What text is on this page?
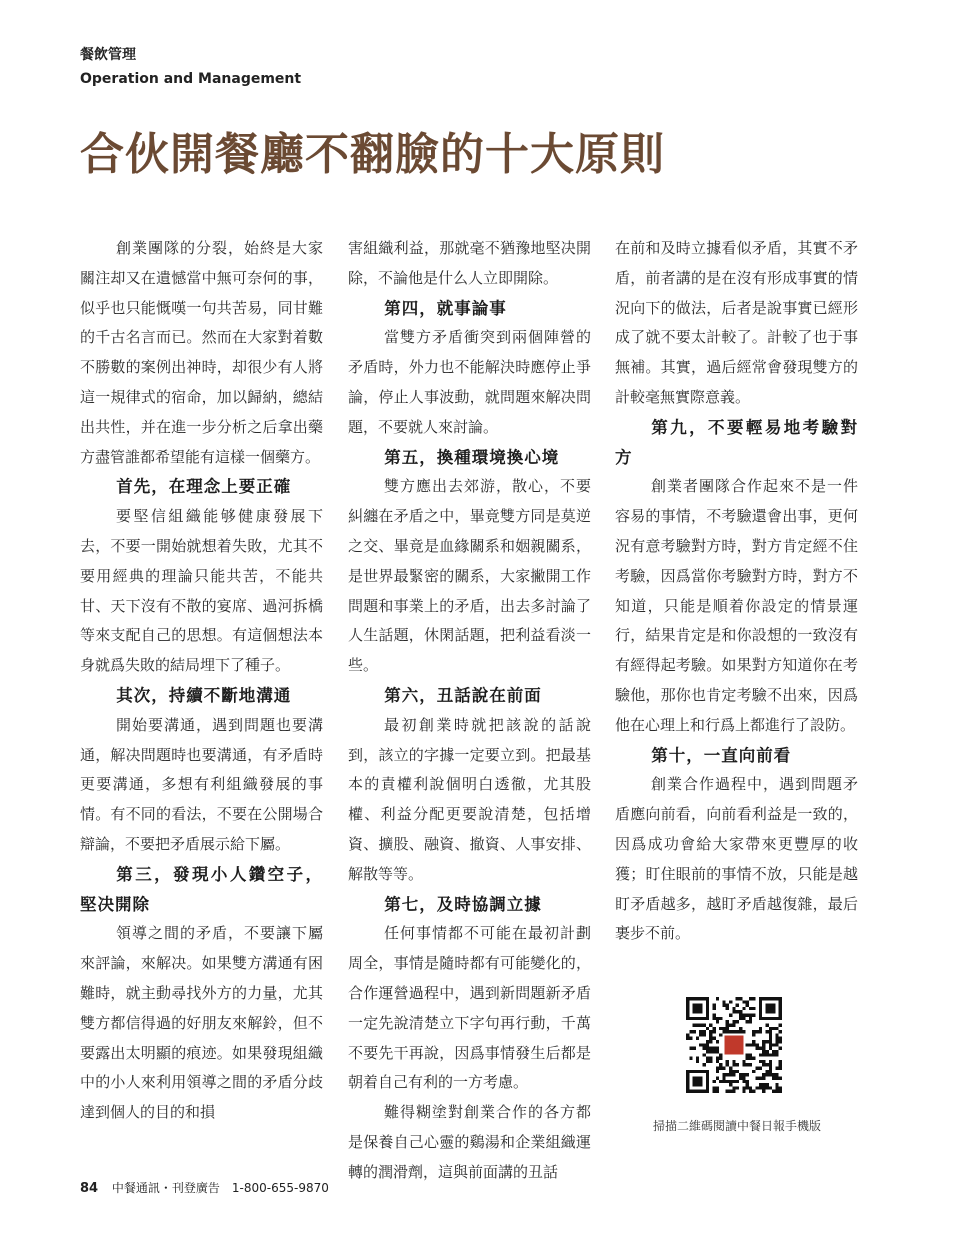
餐飲管理
Operation and Management
合伙開餐廳不翻臉的十大原則

創業團隊的分裂，始終是大家關注却又在遺憾當中無可奈何的事，似乎也只能慨嘆一句共苦易，同甘難的千古名言而已。然而在大家對着數不勝數的案例出神時，却很少有人將這一規律式的宿命，加以歸納，總結出共性，并在進一步分析之后拿出藥方盡管誰都希望能有這樣一個藥方。

首先，在理念上要正確

要堅信組織能够健康發展下去，不要一開始就想着失敗，尤其不要用經典的理論只能共苦，不能共甘、天下沒有不散的宴席、過河拆橋等來支配自己的思想。有這個想法本身就爲失敗的結局埋下了種子。

其次，持續不斷地溝通

開始要溝通，遇到問題也要溝通，解决問題時也要溝通，有矛盾時更要溝通，多想有利組織發展的事情。有不同的看法，不要在公開場合辯論，不要把矛盾展示給下屬。

第三，發現小人鑽空子，堅决開除

領導之間的矛盾，不要讓下屬來評論，來解决。如果雙方溝通有困難時，就主動尋找外方的力量，尤其雙方都信得過的好朋友來解鈴，但不要露出太明顯的痕迹。如果發現組織中的小人來利用領導之間的矛盾分歧達到個人的目的和損

害組織利益，那就毫不猶豫地堅决開除，不論他是什么人立即開除。

第四，就事論事

當雙方矛盾衝突到兩個陣營的矛盾時，外力也不能解決時應停止爭論，停止人事波動，就問題來解决問題，不要就人來討論。

第五，換種環境換心境

雙方應出去郊游，散心，不要糾纏在矛盾之中，畢竟雙方同是莫逆之交、畢竟是血緣關系和姻親關系，是世界最緊密的關系，大家撇開工作問題和事業上的矛盾，出去多討論了人生話題，休閑話題，把利益看淡一些。

第六，丑話說在前面

最初創業時就把該說的話說到，該立的字據一定要立到。把最基本的責權利說個明白透徹，尤其股權、利益分配更要說清楚，包括增資、擴股、融資、撤資、人事安排、解散等等。

第七，及時協調立據

任何事情都不可能在最初計劃周全，事情是隨時都有可能變化的，合作運營過程中，遇到新問題新矛盾一定先說清楚立下字句再行動，千萬不要先干再說，因爲事情發生后都是朝着自己有利的一方考慮。

難得糊塗對創業合作的各方都是保養自己心靈的鷄湯和企業組織運轉的潤滑劑，這與前面講的丑話

在前和及時立據看似矛盾，其實不矛盾，前者講的是在沒有形成事實的情況向下的做法，后者是說事實已經形成了就不要太計較了。計較了也于事無補。其實，過后經常會發現雙方的計較毫無實際意義。

第九，不要輕易地考驗對方

創業者團隊合作起來不是一件容易的事情，不考驗還會出事，更何況有意考驗對方時，對方肯定經不住考驗，因爲當你考驗對方時，對方不知道，只能是順着你設定的情景運行，結果肯定是和你設想的一致沒有有經得起考驗。如果對方知道你在考驗他，那你也肯定考驗不出來，因爲他在心理上和行爲上都進行了設防。

第十，一直向前看

創業合作過程中，遇到問題矛盾應向前看，向前看利益是一致的，因爲成功會給大家帶來更豐厚的收獲；盯住眼前的事情不放，只能是越盯矛盾越多，越盯矛盾越復雜，最后裹步不前。

掃描二維碼閱讀中餐日報手機版
84 中餐通訊・刊登廣告　1-800-655-9870
